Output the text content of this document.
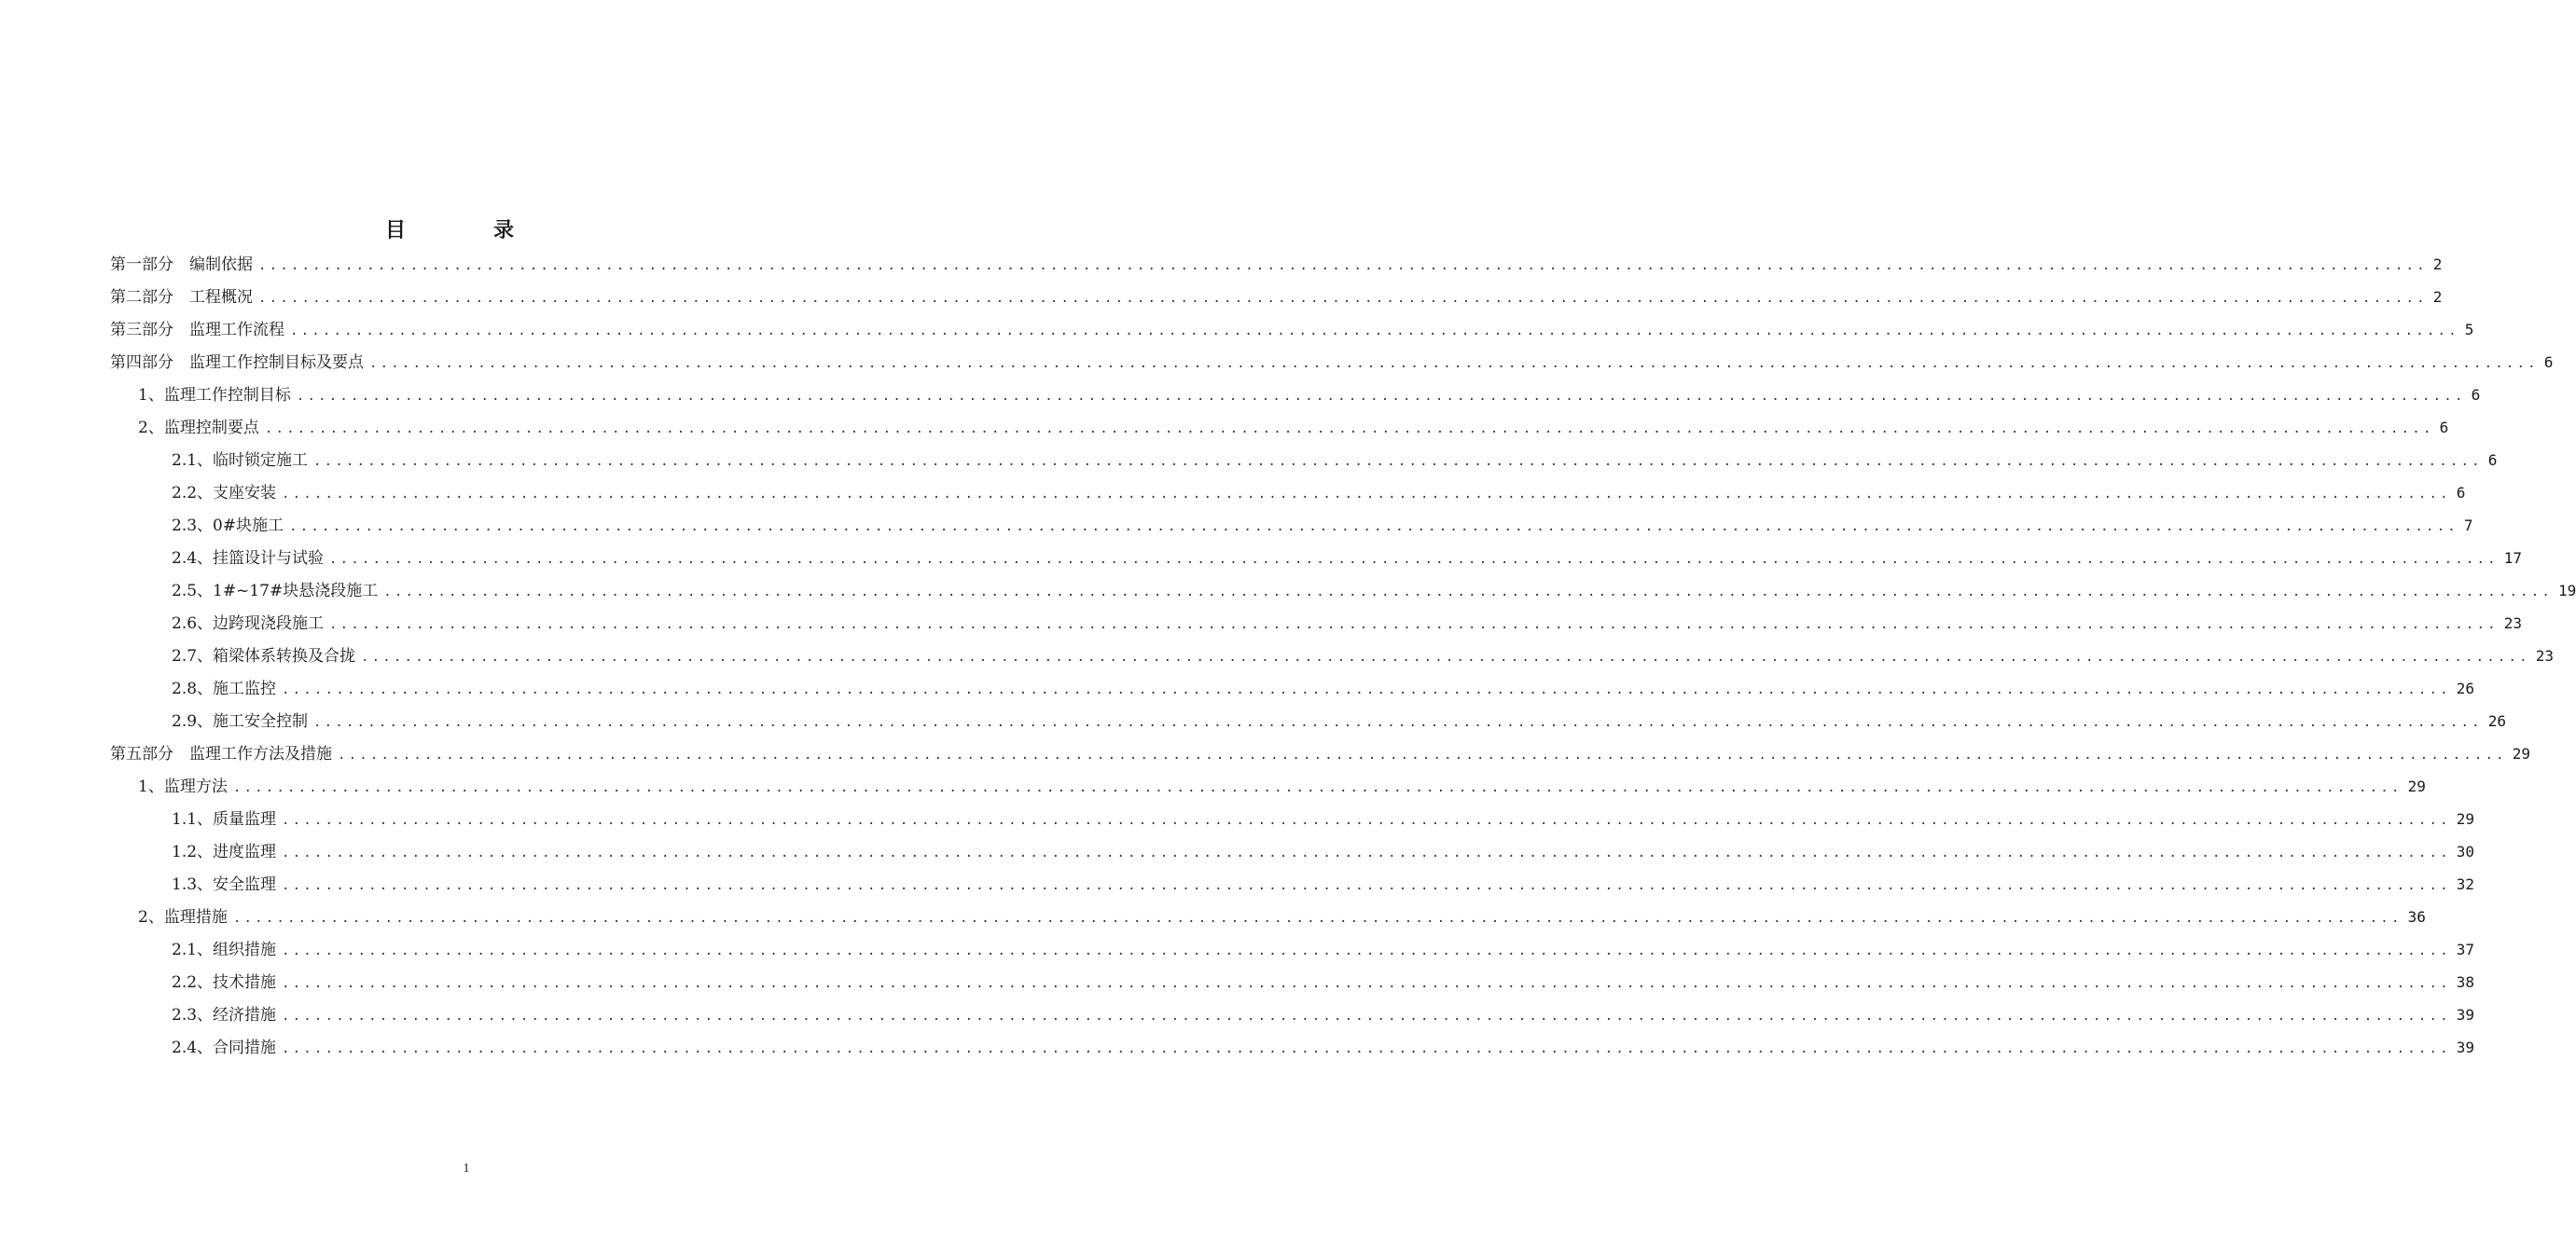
目　录
第一部分　编制依据 ........................................................................................................................................................................................................ 2
第二部分　工程概况 ........................................................................................................................................................................................................ 2
第三部分　监理工作流程 ........................................................................................................................................................................................................ 5
第四部分　监理工作控制目标及要点 ........................................................................................................................................................................................................ 6
1、监理工作控制目标 ........................................................................................................................................................................................................ 6
2、监理控制要点 ........................................................................................................................................................................................................ 6
2.1、临时锁定施工 ........................................................................................................................................................................................................ 6
2.2、支座安装 ........................................................................................................................................................................................................ 6
2.3、0#块施工 ........................................................................................................................................................................................................ 7
2.4、挂篮设计与试验 ........................................................................................................................................................................................................ 17
2.5、1#~17#块悬浇段施工 ........................................................................................................................................................................................................ 19
2.6、边跨现浇段施工 ........................................................................................................................................................................................................ 23
2.7、箱梁体系转换及合拢 ........................................................................................................................................................................................................ 23
2.8、施工监控 ........................................................................................................................................................................................................ 26
2.9、施工安全控制 ........................................................................................................................................................................................................ 26
第五部分　监理工作方法及措施 ........................................................................................................................................................................................................ 29
1、监理方法 ........................................................................................................................................................................................................ 29
1.1、质量监理 ........................................................................................................................................................................................................ 29
1.2、进度监理 ........................................................................................................................................................................................................ 30
1.3、安全监理 ........................................................................................................................................................................................................ 32
2、监理措施 ........................................................................................................................................................................................................ 36
2.1、组织措施 ........................................................................................................................................................................................................ 37
2.2、技术措施 ........................................................................................................................................................................................................ 38
2.3、经济措施 ........................................................................................................................................................................................................ 39
2.4、合同措施 ........................................................................................................................................................................................................ 39
1
